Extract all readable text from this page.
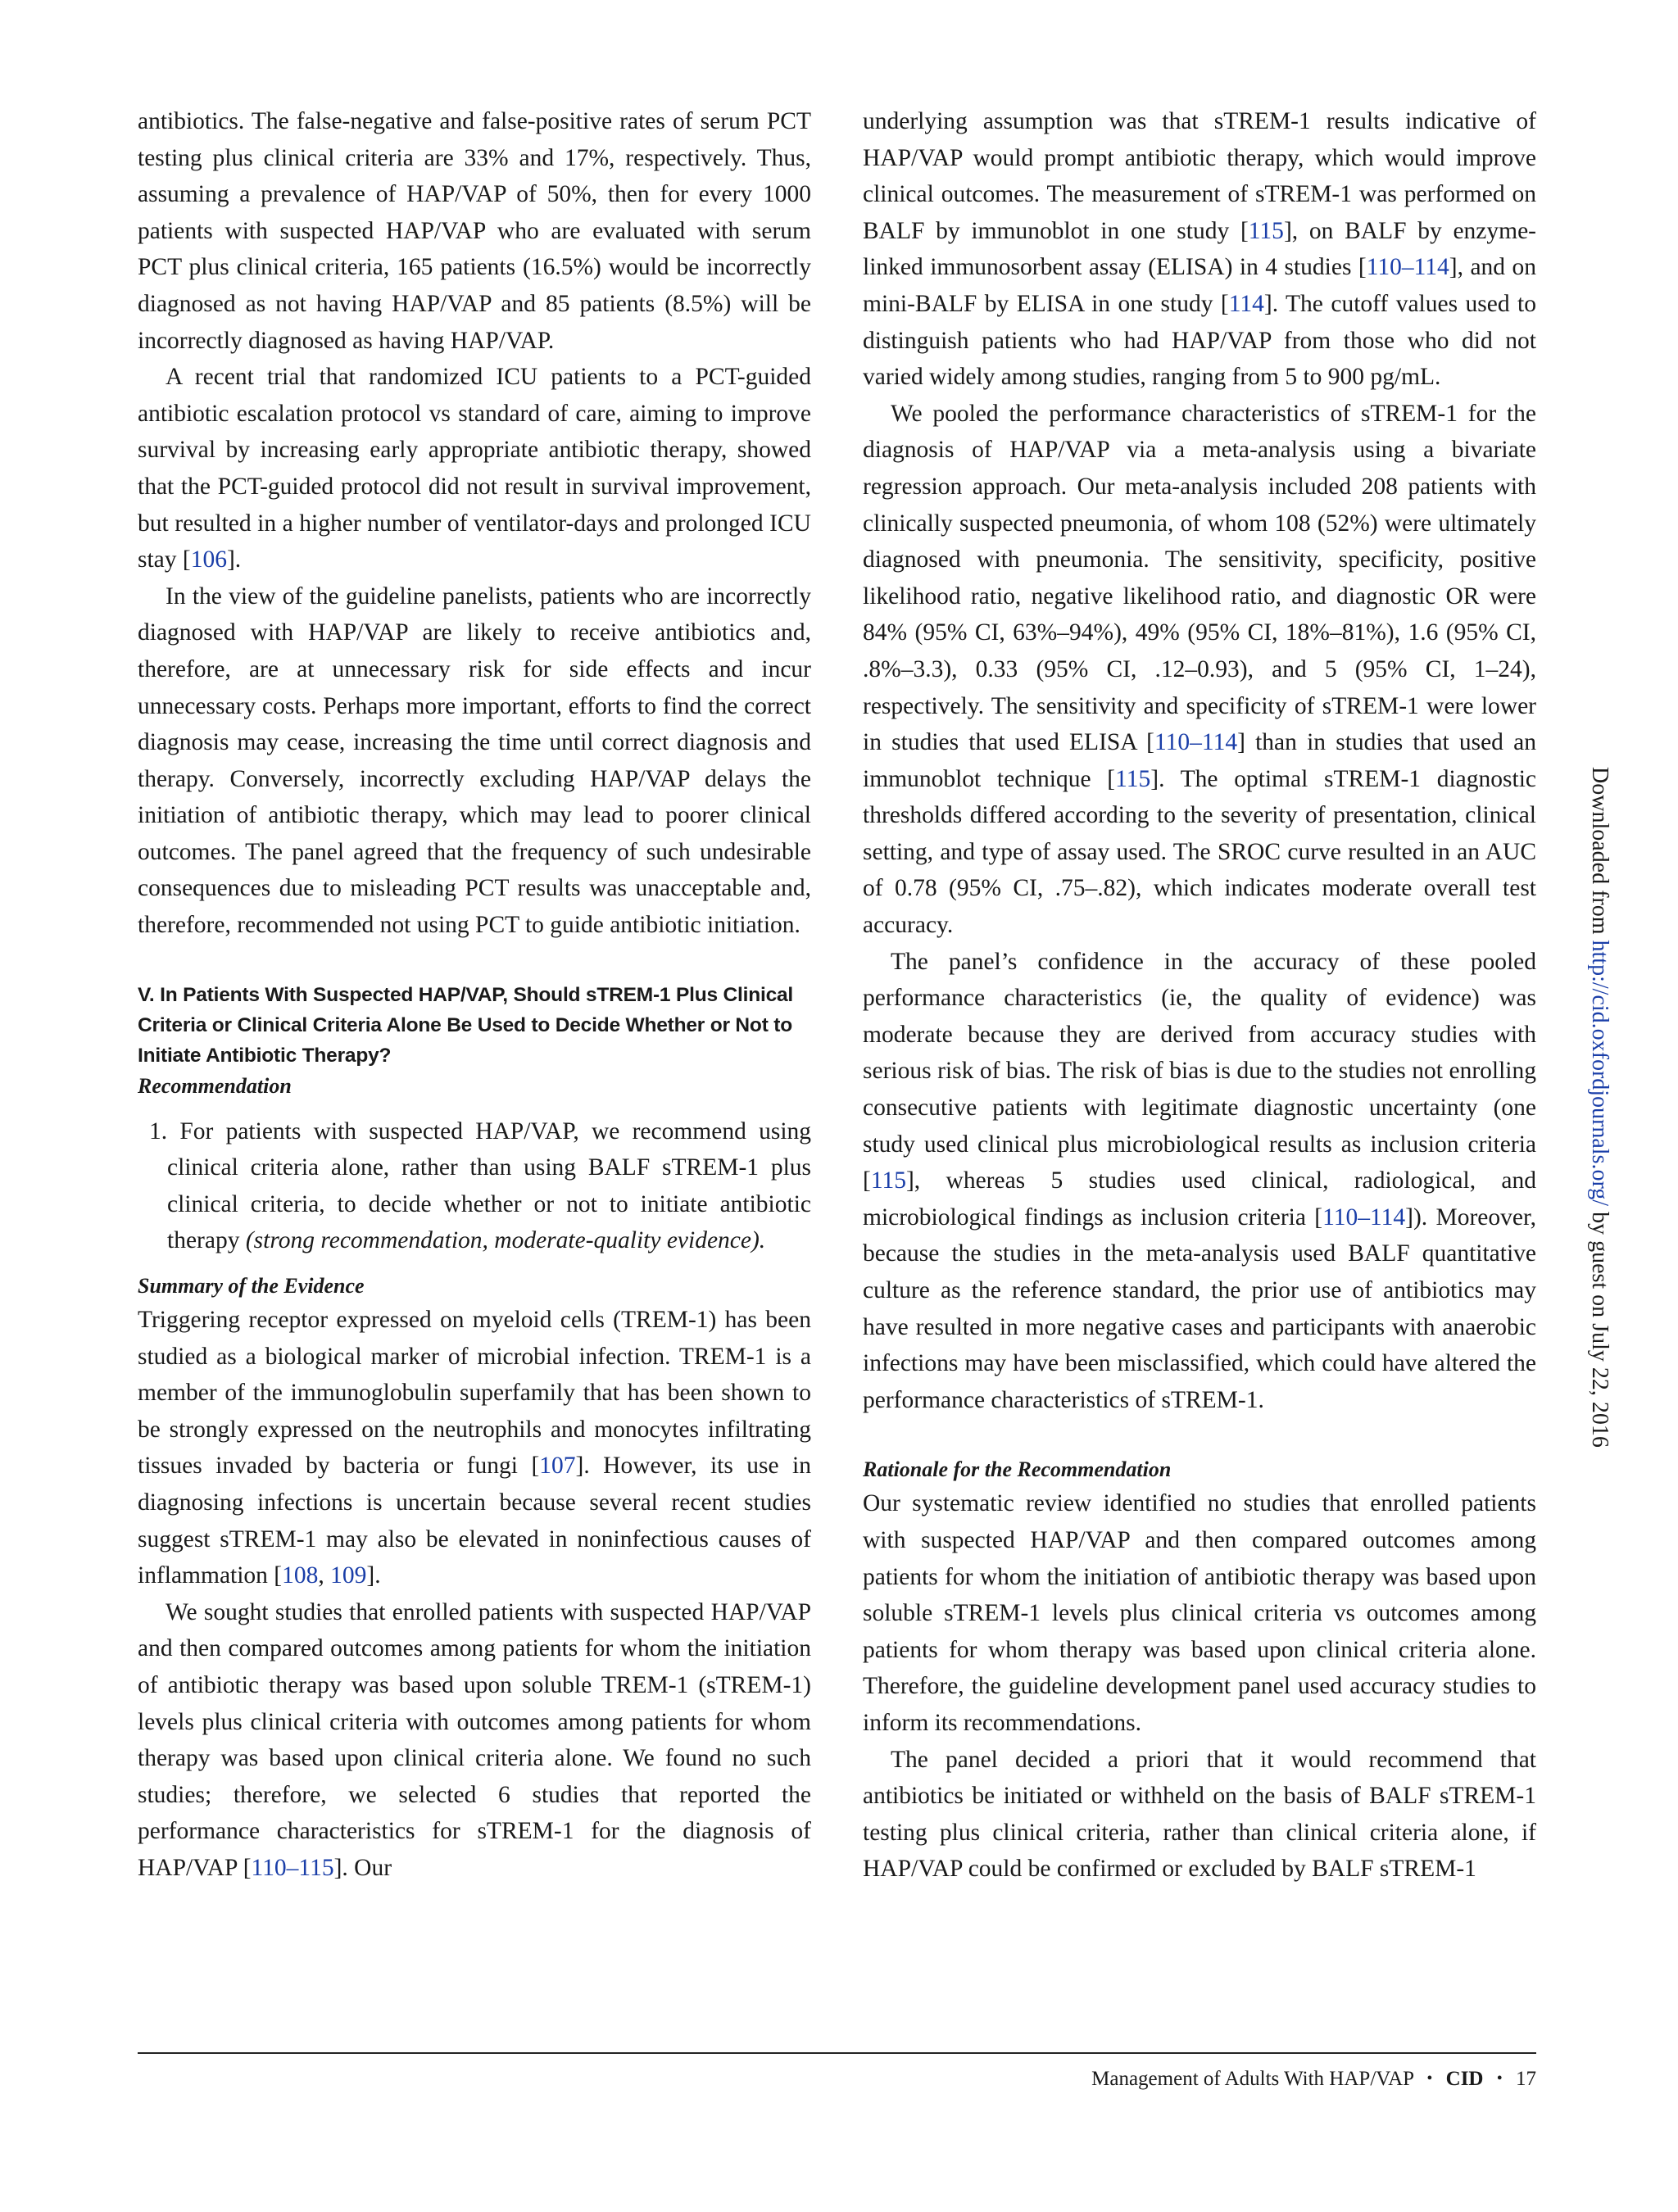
antibiotics. The false-negative and false-positive rates of serum PCT testing plus clinical criteria are 33% and 17%, respectively. Thus, assuming a prevalence of HAP/VAP of 50%, then for every 1000 patients with suspected HAP/VAP who are evaluated with serum PCT plus clinical criteria, 165 patients (16.5%) would be incorrectly diagnosed as not having HAP/VAP and 85 patients (8.5%) will be incorrectly diagnosed as having HAP/VAP.

A recent trial that randomized ICU patients to a PCT-guided antibiotic escalation protocol vs standard of care, aiming to improve survival by increasing early appropriate antibiotic therapy, showed that the PCT-guided protocol did not result in survival improvement, but resulted in a higher number of ventilator-days and prolonged ICU stay [106].

In the view of the guideline panelists, patients who are incorrectly diagnosed with HAP/VAP are likely to receive antibiotics and, therefore, are at unnecessary risk for side effects and incur unnecessary costs. Perhaps more important, efforts to find the correct diagnosis may cease, increasing the time until correct diagnosis and therapy. Conversely, incorrectly excluding HAP/VAP delays the initiation of antibiotic therapy, which may lead to poorer clinical outcomes. The panel agreed that the frequency of such undesirable consequences due to misleading PCT results was unacceptable and, therefore, recommended not using PCT to guide antibiotic initiation.

V. In Patients With Suspected HAP/VAP, Should sTREM-1 Plus Clinical Criteria or Clinical Criteria Alone Be Used to Decide Whether or Not to Initiate Antibiotic Therapy?
Recommendation

1. For patients with suspected HAP/VAP, we recommend using clinical criteria alone, rather than using BALF sTREM-1 plus clinical criteria, to decide whether or not to initiate antibiotic therapy (strong recommendation, moderate-quality evidence).

Summary of the Evidence

Triggering receptor expressed on myeloid cells (TREM-1) has been studied as a biological marker of microbial infection. TREM-1 is a member of the immunoglobulin superfamily that has been shown to be strongly expressed on the neutrophils and monocytes infiltrating tissues invaded by bacteria or fungi [107]. However, its use in diagnosing infections is uncertain because several recent studies suggest sTREM-1 may also be elevated in noninfectious causes of inflammation [108, 109].

We sought studies that enrolled patients with suspected HAP/VAP and then compared outcomes among patients for whom the initiation of antibiotic therapy was based upon soluble TREM-1 (sTREM-1) levels plus clinical criteria with outcomes among patients for whom therapy was based upon clinical criteria alone. We found no such studies; therefore, we selected 6 studies that reported the performance characteristics for sTREM-1 for the diagnosis of HAP/VAP [110–115]. Our

underlying assumption was that sTREM-1 results indicative of HAP/VAP would prompt antibiotic therapy, which would improve clinical outcomes. The measurement of sTREM-1 was performed on BALF by immunoblot in one study [115], on BALF by enzyme-linked immunosorbent assay (ELISA) in 4 studies [110–114], and on mini-BALF by ELISA in one study [114]. The cutoff values used to distinguish patients who had HAP/VAP from those who did not varied widely among studies, ranging from 5 to 900 pg/mL.

We pooled the performance characteristics of sTREM-1 for the diagnosis of HAP/VAP via a meta-analysis using a bivariate regression approach. Our meta-analysis included 208 patients with clinically suspected pneumonia, of whom 108 (52%) were ultimately diagnosed with pneumonia. The sensitivity, specificity, positive likelihood ratio, negative likelihood ratio, and diagnostic OR were 84% (95% CI, 63%–94%), 49% (95% CI, 18%–81%), 1.6 (95% CI, .8%–3.3), 0.33 (95% CI, .12–0.93), and 5 (95% CI, 1–24), respectively. The sensitivity and specificity of sTREM-1 were lower in studies that used ELISA [110–114] than in studies that used an immunoblot technique [115]. The optimal sTREM-1 diagnostic thresholds differed according to the severity of presentation, clinical setting, and type of assay used. The SROC curve resulted in an AUC of 0.78 (95% CI, .75–.82), which indicates moderate overall test accuracy.

The panel’s confidence in the accuracy of these pooled performance characteristics (ie, the quality of evidence) was moderate because they are derived from accuracy studies with serious risk of bias. The risk of bias is due to the studies not enrolling consecutive patients with legitimate diagnostic uncertainty (one study used clinical plus microbiological results as inclusion criteria [115], whereas 5 studies used clinical, radiological, and microbiological findings as inclusion criteria [110–114]). Moreover, because the studies in the meta-analysis used BALF quantitative culture as the reference standard, the prior use of antibiotics may have resulted in more negative cases and participants with anaerobic infections may have been misclassified, which could have altered the performance characteristics of sTREM-1.

Rationale for the Recommendation

Our systematic review identified no studies that enrolled patients with suspected HAP/VAP and then compared outcomes among patients for whom the initiation of antibiotic therapy was based upon soluble sTREM-1 levels plus clinical criteria vs outcomes among patients for whom therapy was based upon clinical criteria alone. Therefore, the guideline development panel used accuracy studies to inform its recommendations.

The panel decided a priori that it would recommend that antibiotics be initiated or withheld on the basis of BALF sTREM-1 testing plus clinical criteria, rather than clinical criteria alone, if HAP/VAP could be confirmed or excluded by BALF sTREM-1

Management of Adults With HAP/VAP • CID • 17
Downloaded from http://cid.oxfordjournals.org/ by guest on July 22, 2016
